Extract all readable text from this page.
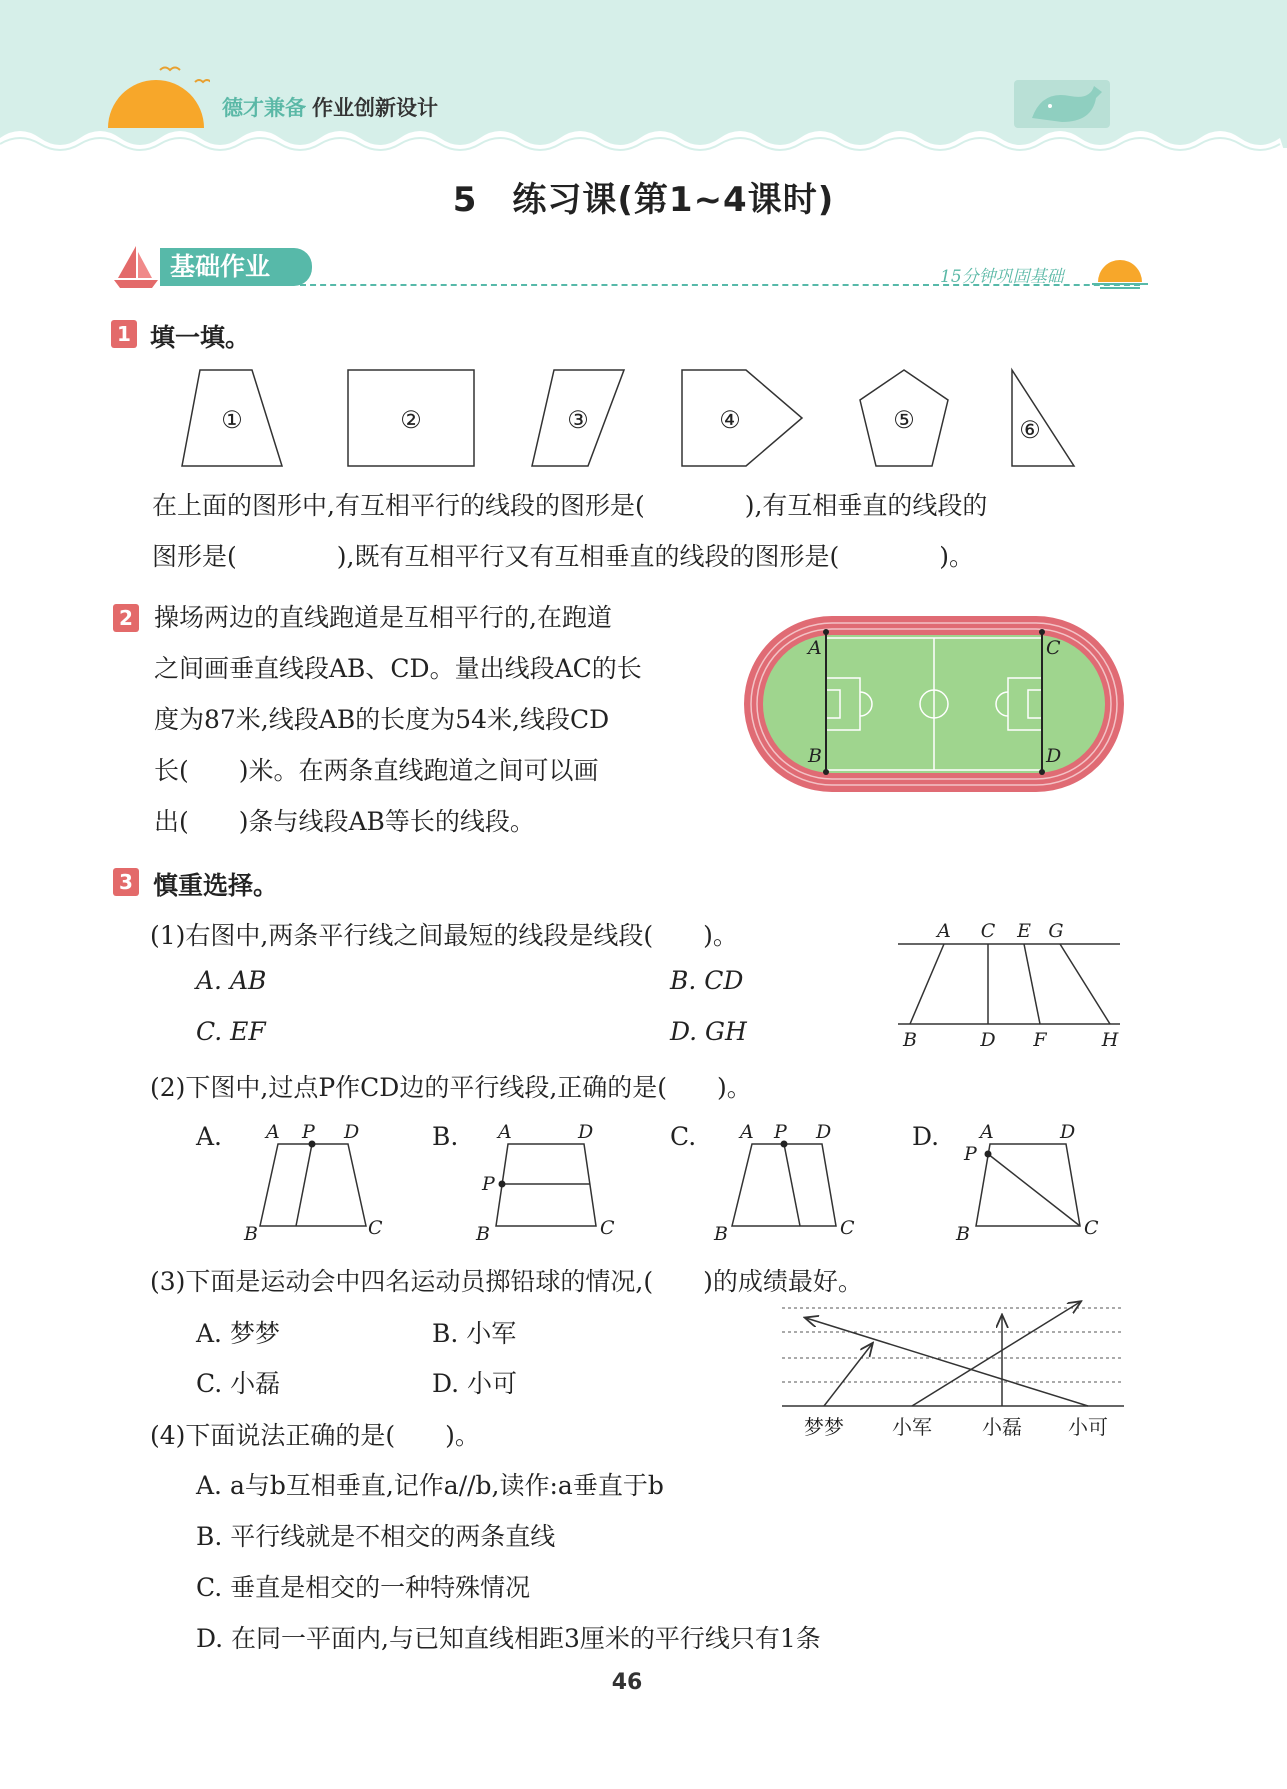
德才兼备 作业创新设计
5　练习课(第1~4课时)
基础作业	15分钟巩固基础
1 填一填。
①	②	③	④	⑤	⑥
在上面的图形中,有互相平行的线段的图形是(　　　　),有互相垂直的线段的
图形是(　　　　),既有互相平行又有互相垂直的线段的图形是(　　　　)。
2 操场两边的直线跑道是互相平行的,在跑道
之间画垂直线段AB、CD。量出线段AC的长
度为87米,线段AB的长度为54米,线段CD
长(　　)米。在两条直线跑道之间可以画
出(　　)条与线段AB等长的线段。
A	C
B	D
3 慎重选择。
(1)右图中,两条平行线之间最短的线段是线段(　　)。
A. AB	B. CD
C. EF	D. GH
A C E G
B	D F	H
(2)下图中,过点P作CD边的平行线段,正确的是(　　)。
A.	B.	C.	D.
A P D
B	C
A
P
D
B	C
A P D
B	C
A
P
D
B	C
(3)下面是运动会中四名运动员掷铅球的情况,(　　)的成绩最好。
A. 梦梦	B. 小军
C. 小磊	D. 小可
梦梦 小军	小磊 小可
(4)下面说法正确的是(　　)。
A. a与b互相垂直,记作a//b,读作:a垂直于b
B. 平行线就是不相交的两条直线
C. 垂直是相交的一种特殊情况
D. 在同一平面内,与已知直线相距3厘米的平行线只有1条
46
